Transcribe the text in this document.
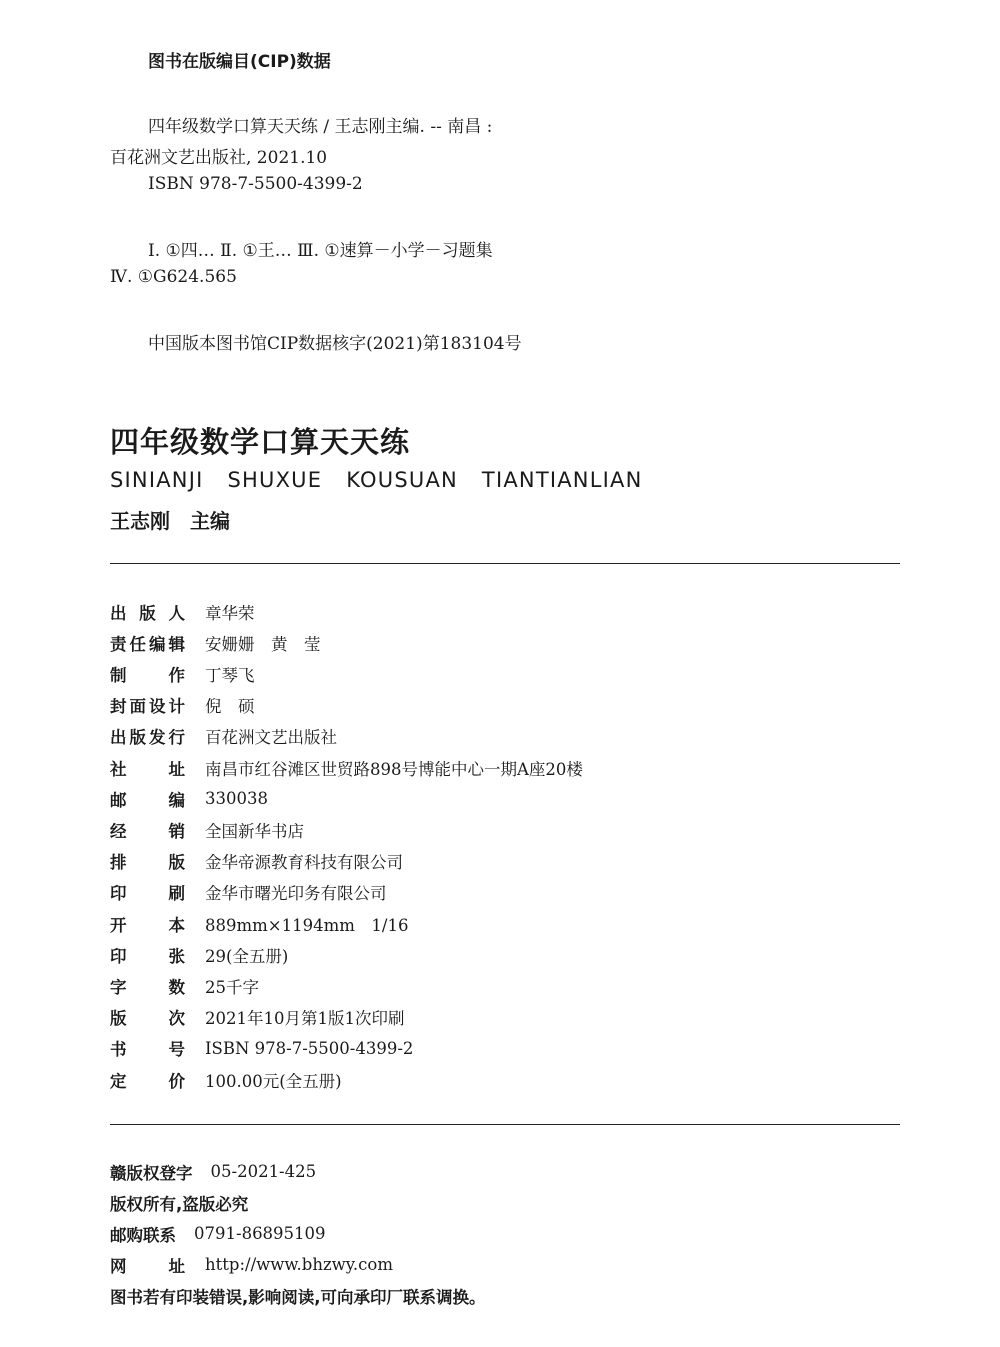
图书在版编目(CIP)数据
四年级数学口算天天练 / 王志刚主编. -- 南昌 :
百花洲文艺出版社, 2021.10
ISBN 978-7-5500-4399-2
Ⅰ. ①四… Ⅱ. ①王… Ⅲ. ①速算－小学－习题集
Ⅳ. ①G624.565
中国版本图书馆CIP数据核字(2021)第183104号
四年级数学口算天天练
SINIANJI SHUXUE KOUSUAN TIANTIANLIAN
王志刚　主编
出 版 人 章华荣
责 任 编 辑 安姗姗　黄　莹
制	作 丁琴飞
封 面 设 计 倪　硕
出 版 发 行 百花洲文艺出版社
社	址 南昌市红谷滩区世贸路898号博能中心一期A座20楼
邮	编 330038
经	销 全国新华书店
排	版 金华帝源教育科技有限公司
印	刷 金华市曙光印务有限公司
开	本 889mm×1194mm　1/16
印	张 29(全五册)
字	数 25千字
版	次 2021年10月第1版1次印刷
书	号 ISBN 978-7-5500-4399-2
定	价 100.00元(全五册)
赣版权登字 05-2021-425
版权所有,盗版必究
邮购联系 0791-86895109
网	址 http://www.bhzwy.com
图书若有印装错误,影响阅读,可向承印厂联系调换。
